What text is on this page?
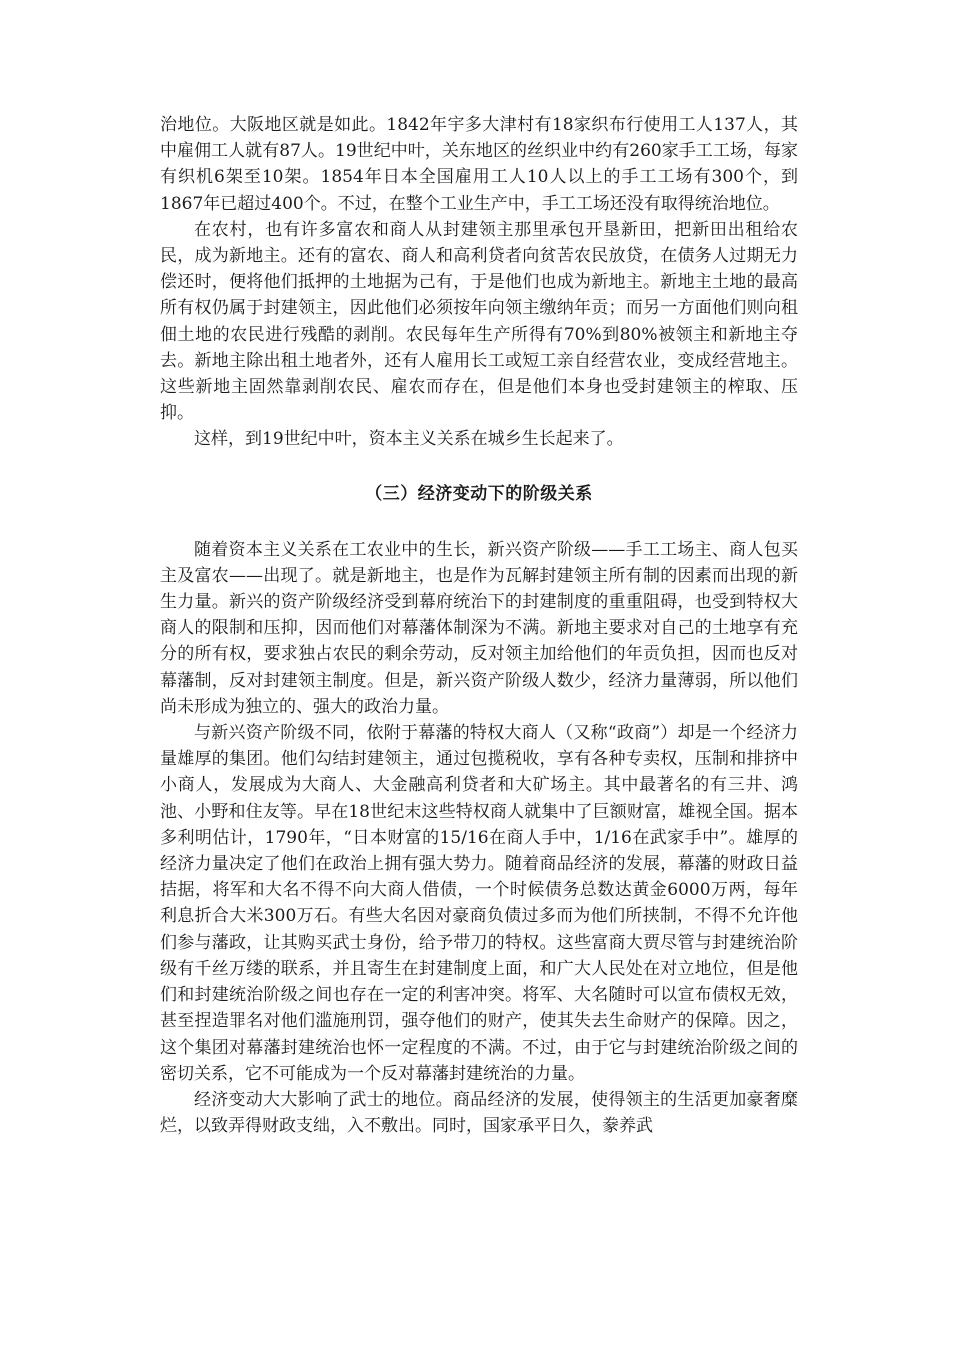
治地位。大阪地区就是如此。1842年宇多大津村有18家织布行使用工人137人，其中雇佣工人就有87人。19世纪中叶，关东地区的丝织业中约有260家手工工场，每家有织机6架至10架。1854年日本全国雇用工人10人以上的手工工场有300个，到1867年已超过400个。不过，在整个工业生产中，手工工场还没有取得统治地位。

在农村，也有许多富农和商人从封建领主那里承包开垦新田，把新田出租给农民，成为新地主。还有的富农、商人和高利贷者向贫苦农民放贷，在债务人过期无力偿还时，便将他们抵押的土地据为己有，于是他们也成为新地主。新地主土地的最高所有权仍属于封建领主，因此他们必须按年向领主缴纳年贡；而另一方面他们则向租佃土地的农民进行残酷的剥削。农民每年生产所得有70%到80%被领主和新地主夺去。新地主除出租土地者外，还有人雇用长工或短工亲自经营农业，变成经营地主。这些新地主固然靠剥削农民、雇农而存在，但是他们本身也受封建领主的榨取、压抑。

这样，到19世纪中叶，资本主义关系在城乡生长起来了。

（三）经济变动下的阶级关系

随着资本主义关系在工农业中的生长，新兴资产阶级——手工工场主、商人包买主及富农——出现了。就是新地主，也是作为瓦解封建领主所有制的因素而出现的新生力量。新兴的资产阶级经济受到幕府统治下的封建制度的重重阻碍，也受到特权大商人的限制和压抑，因而他们对幕藩体制深为不满。新地主要求对自己的土地享有充分的所有权，要求独占农民的剩余劳动，反对领主加给他们的年贡负担，因而也反对幕藩制，反对封建领主制度。但是，新兴资产阶级人数少，经济力量薄弱，所以他们尚未形成为独立的、强大的政治力量。

与新兴资产阶级不同，依附于幕藩的特权大商人（又称“政商”）却是一个经济力量雄厚的集团。他们勾结封建领主，通过包揽税收，享有各种专卖权，压制和排挤中小商人，发展成为大商人、大金融高利贷者和大矿场主。其中最著名的有三井、鸿池、小野和住友等。早在18世纪末这些特权商人就集中了巨额财富，雄视全国。据本多利明估计，1790年，“日本财富的15/16在商人手中，1/16在武家手中”。雄厚的经济力量决定了他们在政治上拥有强大势力。随着商品经济的发展，幕藩的财政日益拮据，将军和大名不得不向大商人借债，一个时候债务总数达黄金6000万两，每年利息折合大米300万石。有些大名因对豪商负债过多而为他们所挟制，不得不允许他们参与藩政，让其购买武士身份，给予带刀的特权。这些富商大贾尽管与封建统治阶级有千丝万缕的联系，并且寄生在封建制度上面，和广大人民处在对立地位，但是他们和封建统治阶级之间也存在一定的利害冲突。将军、大名随时可以宣布债权无效，甚至捏造罪名对他们滥施刑罚，强夺他们的财产，使其失去生命财产的保障。因之，这个集团对幕藩封建统治也怀一定程度的不满。不过，由于它与封建统治阶级之间的密切关系，它不可能成为一个反对幕藩封建统治的力量。

经济变动大大影响了武士的地位。商品经济的发展，使得领主的生活更加豪奢糜烂，以致弄得财政支绌，入不敷出。同时，国家承平日久，豢养武
